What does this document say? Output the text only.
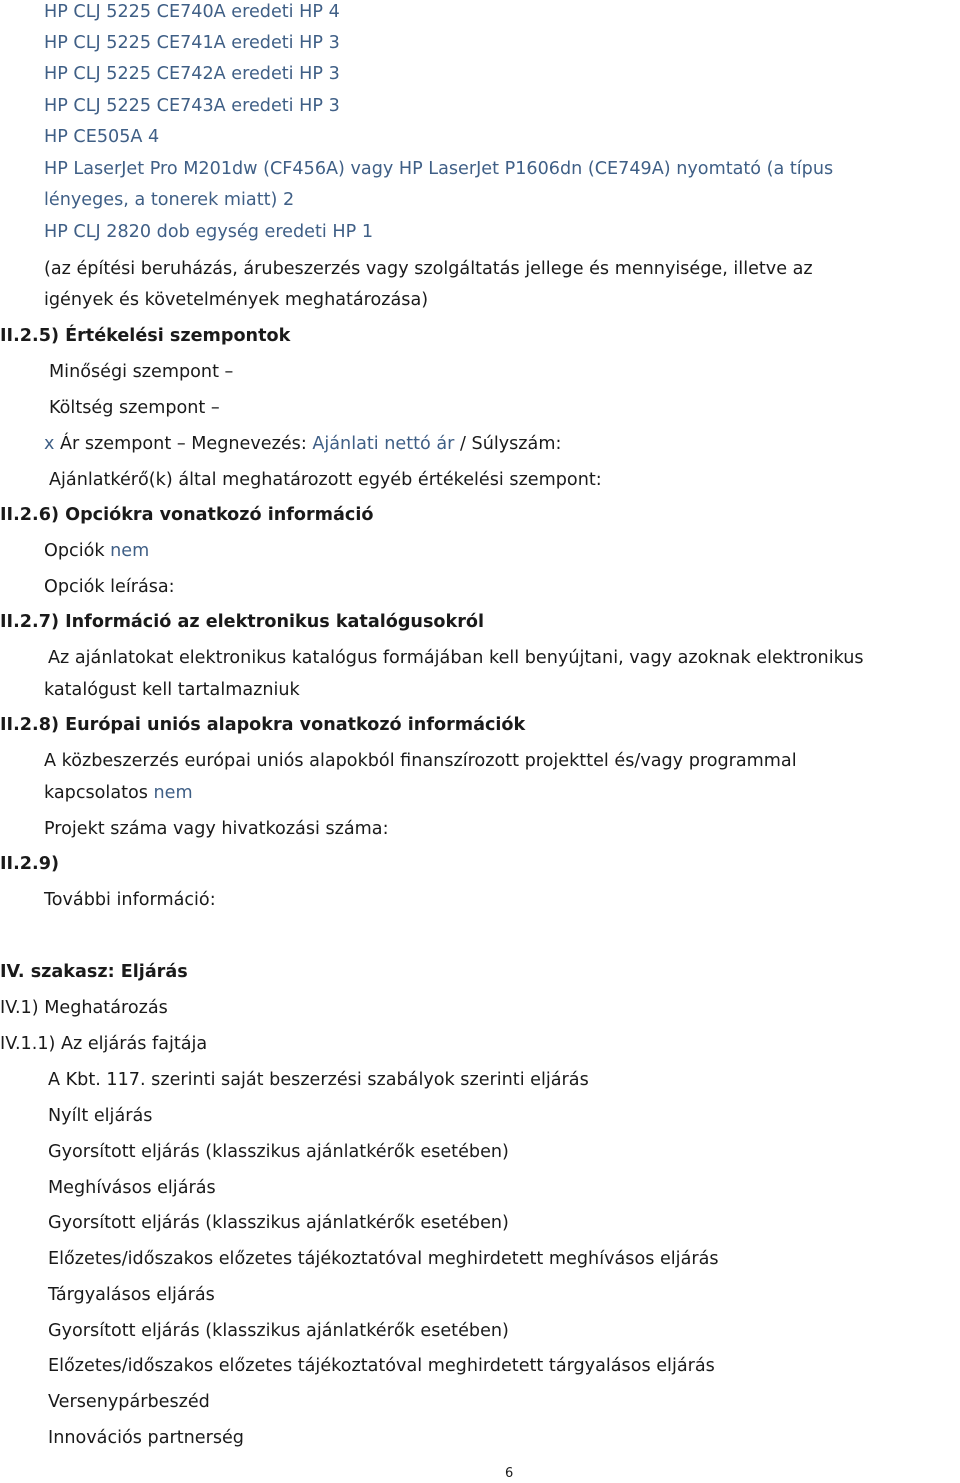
HP CLJ 5225 CE740A eredeti HP 4
HP CLJ 5225 CE741A eredeti HP 3
HP CLJ 5225 CE742A eredeti HP 3
HP CLJ 5225 CE743A eredeti HP 3
HP CE505A 4
HP LaserJet Pro M201dw (CF456A) vagy HP LaserJet P1606dn (CE749A) nyomtató (a típus
lényeges, a tonerek miatt) 2
HP CLJ 2820 dob egység eredeti HP 1
(az építési beruházás, árubeszerzés vagy szolgáltatás jellege és mennyisége, illetve az
igények és követelmények meghatározása)
II.2.5) Értékelési szempontok
Minőségi szempont –
Költség szempont –
x Ár szempont – Megnevezés: Ajánlati nettó ár / Súlyszám:
Ajánlatkérő(k) által meghatározott egyéb értékelési szempont:
II.2.6) Opciókra vonatkozó információ
Opciók nem
Opciók leírása:
II.2.7) Információ az elektronikus katalógusokról
Az ajánlatokat elektronikus katalógus formájában kell benyújtani, vagy azoknak elektronikus
katalógust kell tartalmazniuk
II.2.8) Európai uniós alapokra vonatkozó információk
A közbeszerzés európai uniós alapokból finanszírozott projekttel és/vagy programmal
kapcsolatos nem
Projekt száma vagy hivatkozási száma:
II.2.9)
További információ:
IV. szakasz: Eljárás
IV.1) Meghatározás
IV.1.1) Az eljárás fajtája
A Kbt. 117. szerinti saját beszerzési szabályok szerinti eljárás
Nyílt eljárás
Gyorsított eljárás (klasszikus ajánlatkérők esetében)
Meghívásos eljárás
Gyorsított eljárás (klasszikus ajánlatkérők esetében)
Előzetes/időszakos előzetes tájékoztatóval meghirdetett meghívásos eljárás
Tárgyalásos eljárás
Gyorsított eljárás (klasszikus ajánlatkérők esetében)
Előzetes/időszakos előzetes tájékoztatóval meghirdetett tárgyalásos eljárás
Versenypárbeszéd
Innovációs partnerség
6
